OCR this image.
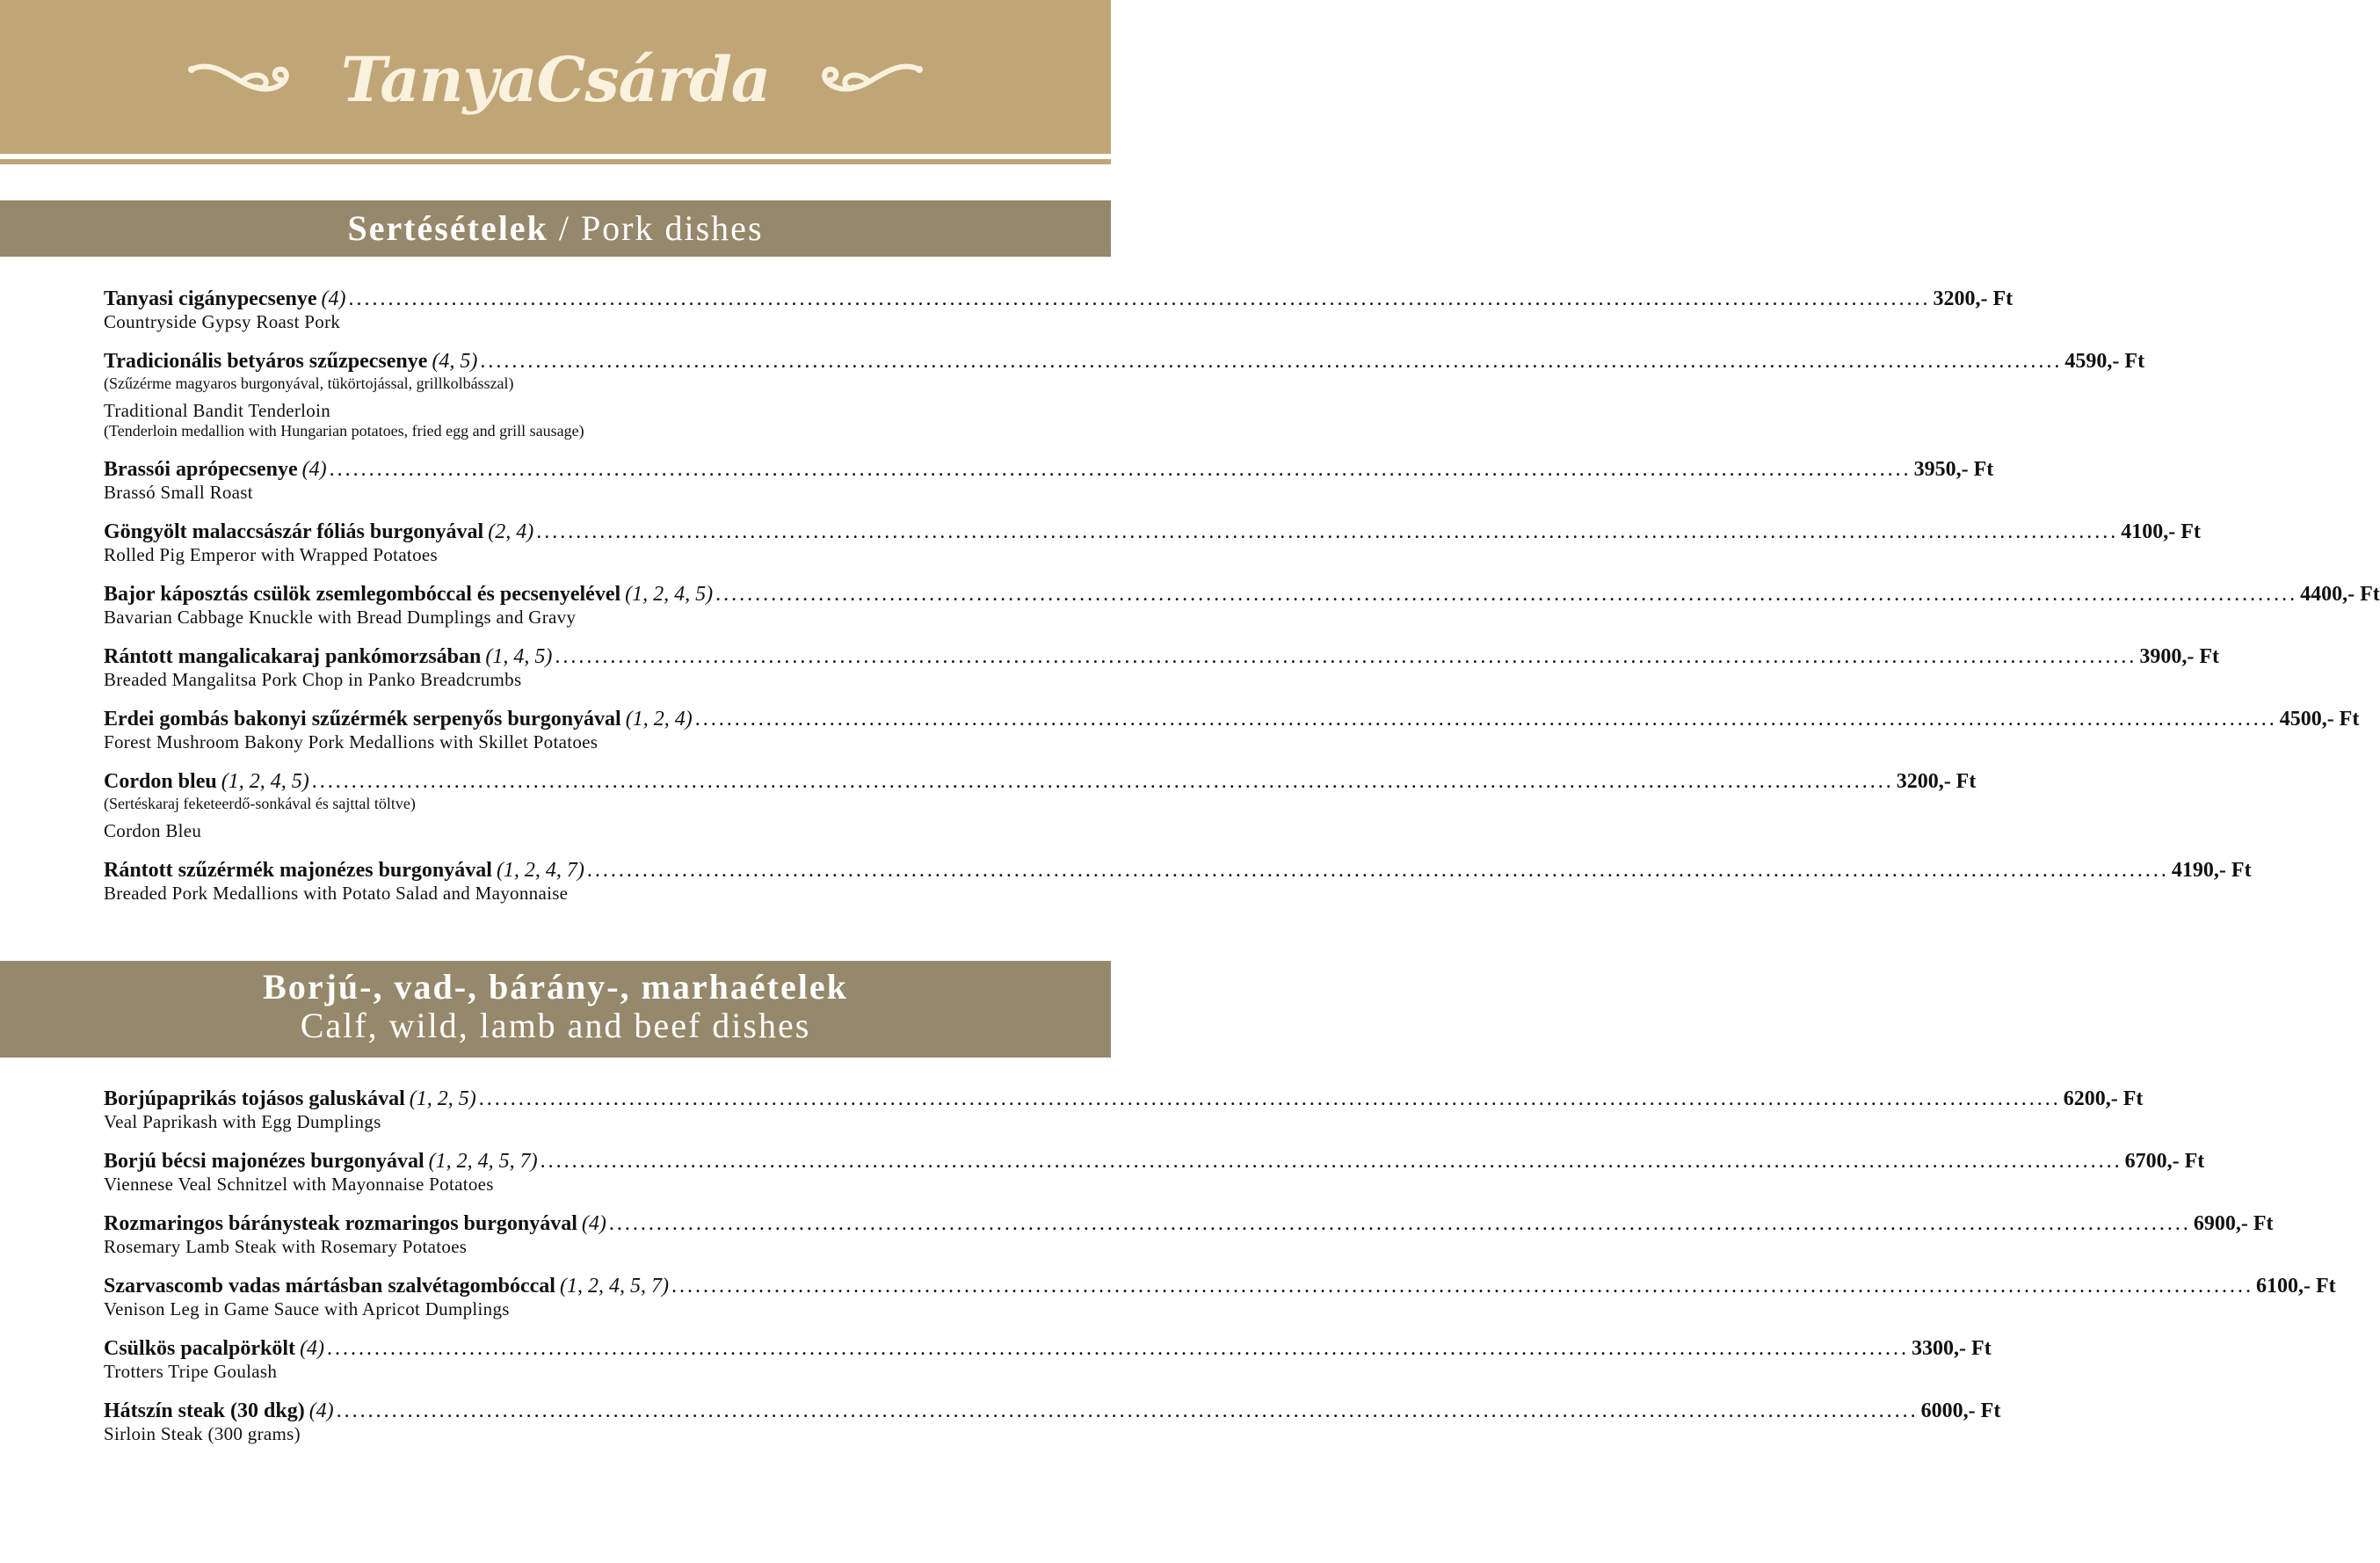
TanyaCsárda
Sertésételek / Pork dishes
Tanyasi cigánypecsenye (4) ........................................................................................................................................................................................................ 3200,- Ft
Countryside Gypsy Roast Pork
Tradicionális betyáros szűzpecsenye (4, 5) ........................................................................................................................................................................................................ 4590,- Ft
(Szűzérme magyaros burgonyával, tükörtojással, grillkolbásszal)
Traditional Bandit Tenderloin
(Tenderloin medallion with Hungarian potatoes, fried egg and grill sausage)
Brassói aprópecsenye (4) ........................................................................................................................................................................................................ 3950,- Ft
Brassó Small Roast
Göngyölt malaccsászár fóliás burgonyával (2, 4) ........................................................................................................................................................................................................ 4100,- Ft
Rolled Pig Emperor with Wrapped Potatoes
Bajor káposztás csülök zsemlegombóccal és pecsenyelével (1, 2, 4, 5) ........................................................................................................................................................................................................ 4400,- Ft
Bavarian Cabbage Knuckle with Bread Dumplings and Gravy
Rántott mangalicakaraj pankómorzsában (1, 4, 5) ........................................................................................................................................................................................................ 3900,- Ft
Breaded Mangalitsa Pork Chop in Panko Breadcrumbs
Erdei gombás bakonyi szűzérmék serpenyős burgonyával (1, 2, 4) ........................................................................................................................................................................................................ 4500,- Ft
Forest Mushroom Bakony Pork Medallions with Skillet Potatoes
Cordon bleu (1, 2, 4, 5) ........................................................................................................................................................................................................ 3200,- Ft
(Sertéskaraj feketeerdő-sonkával és sajttal töltve)
Cordon Bleu
Rántott szűzérmék majonézes burgonyával (1, 2, 4, 7) ........................................................................................................................................................................................................ 4190,- Ft
Breaded Pork Medallions with Potato Salad and Mayonnaise
Borjú-, vad-, bárány-, marhaételek
Calf, wild, lamb and beef dishes
Borjúpaprikás tojásos galuskával (1, 2, 5) ........................................................................................................................................................................................................ 6200,- Ft
Veal Paprikash with Egg Dumplings
Borjú bécsi majonézes burgonyával (1, 2, 4, 5, 7) ........................................................................................................................................................................................................ 6700,- Ft
Viennese Veal Schnitzel with Mayonnaise Potatoes
Rozmaringos báránysteak rozmaringos burgonyával (4) ........................................................................................................................................................................................................ 6900,- Ft
Rosemary Lamb Steak with Rosemary Potatoes
Szarvascomb vadas mártásban szalvétagombóccal (1, 2, 4, 5, 7) ........................................................................................................................................................................................................ 6100,- Ft
Venison Leg in Game Sauce with Apricot Dumplings
Csülkös pacalpörkölt (4) ........................................................................................................................................................................................................ 3300,- Ft
Trotters Tripe Goulash
Hátszín steak (30 dkg) (4) ........................................................................................................................................................................................................ 6000,- Ft
Sirloin Steak (300 grams)
